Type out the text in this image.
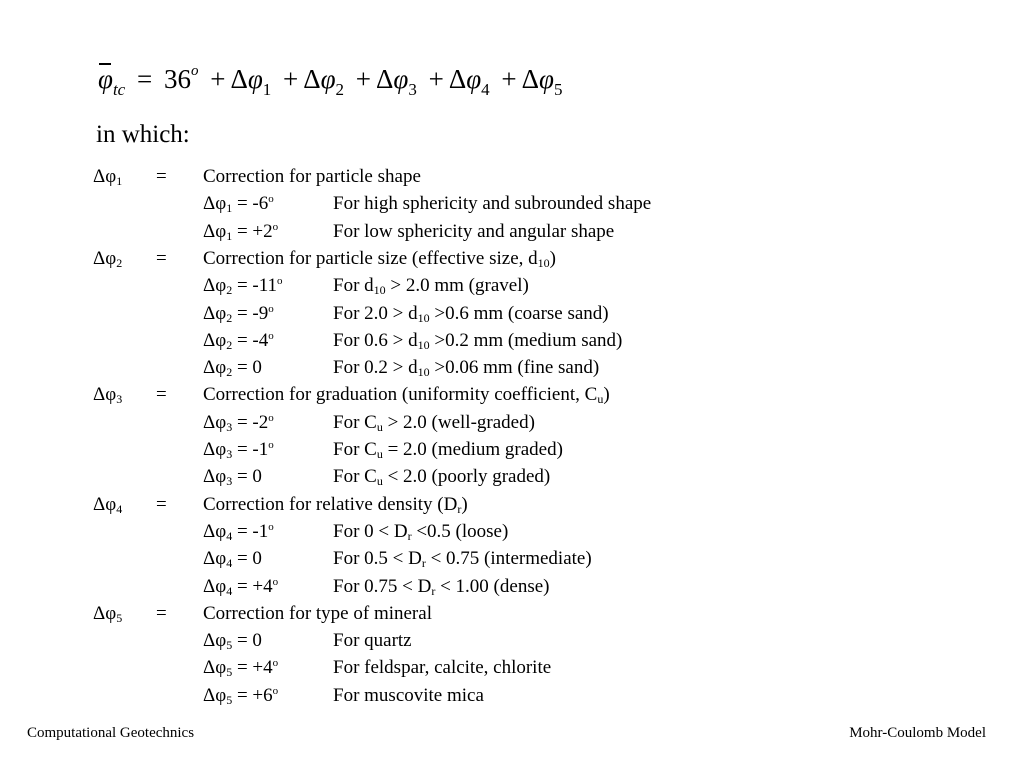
$\varphi_{tc} = 36^o + \Delta\varphi_1 + \Delta\varphi_2 + \Delta\varphi_3 + \Delta\varphi_4 + \Delta\varphi_5$
in which:
$\Delta\varphi_1$ = Correction for particle shape
$\Delta\varphi_1 = -6^o$	For high sphericity and subrounded shape
$\Delta\varphi_1 = +2^o$	For low sphericity and angular shape
$\Delta\varphi_2$ = Correction for particle size (effective size, $d_{10}$)
$\Delta\varphi_2 = -11^o$	For $d_{10} > 2.0$ mm (gravel)
$\Delta\varphi_2 = -9^o$	For $2.0 > d_{10} >0.6$ mm (coarse sand)
$\Delta\varphi_2 = -4^o$	For $0.6 > d_{10} >0.2$ mm (medium sand)
$\Delta\varphi_2 = 0$	For $0.2 > d_{10} >0.06$ mm (fine sand)
$\Delta\varphi_3$ = Correction for graduation (uniformity coefficient, $C_u$)
$\Delta\varphi_3 = -2^o$	For $C_u > 2.0$ (well-graded)
$\Delta\varphi_3 = -1^o$	For $C_u = 2.0$ (medium graded)
$\Delta\varphi_3 = 0$	For $C_u < 2.0$ (poorly graded)
$\Delta\varphi_4$ = Correction for relative density $(D_r)$
$\Delta\varphi_4 = -1^o$	For $0 < D_r <0.5$ (loose)
$\Delta\varphi_4 = 0$	For $0.5 < D_r < 0.75$ (intermediate)
$\Delta\varphi_4 = +4^o$	For $0.75 < D_r < 1.00$ (dense)
$\Delta\varphi_5$ = Correction for type of mineral
$\Delta\varphi_5 = 0$	For quartz
$\Delta\varphi_5 = +4^o$	For feldspar, calcite, chlorite
$\Delta\varphi_5 = +6^o$	For muscovite mica
Computational Geotechnics	Mohr-Coulomb Model
